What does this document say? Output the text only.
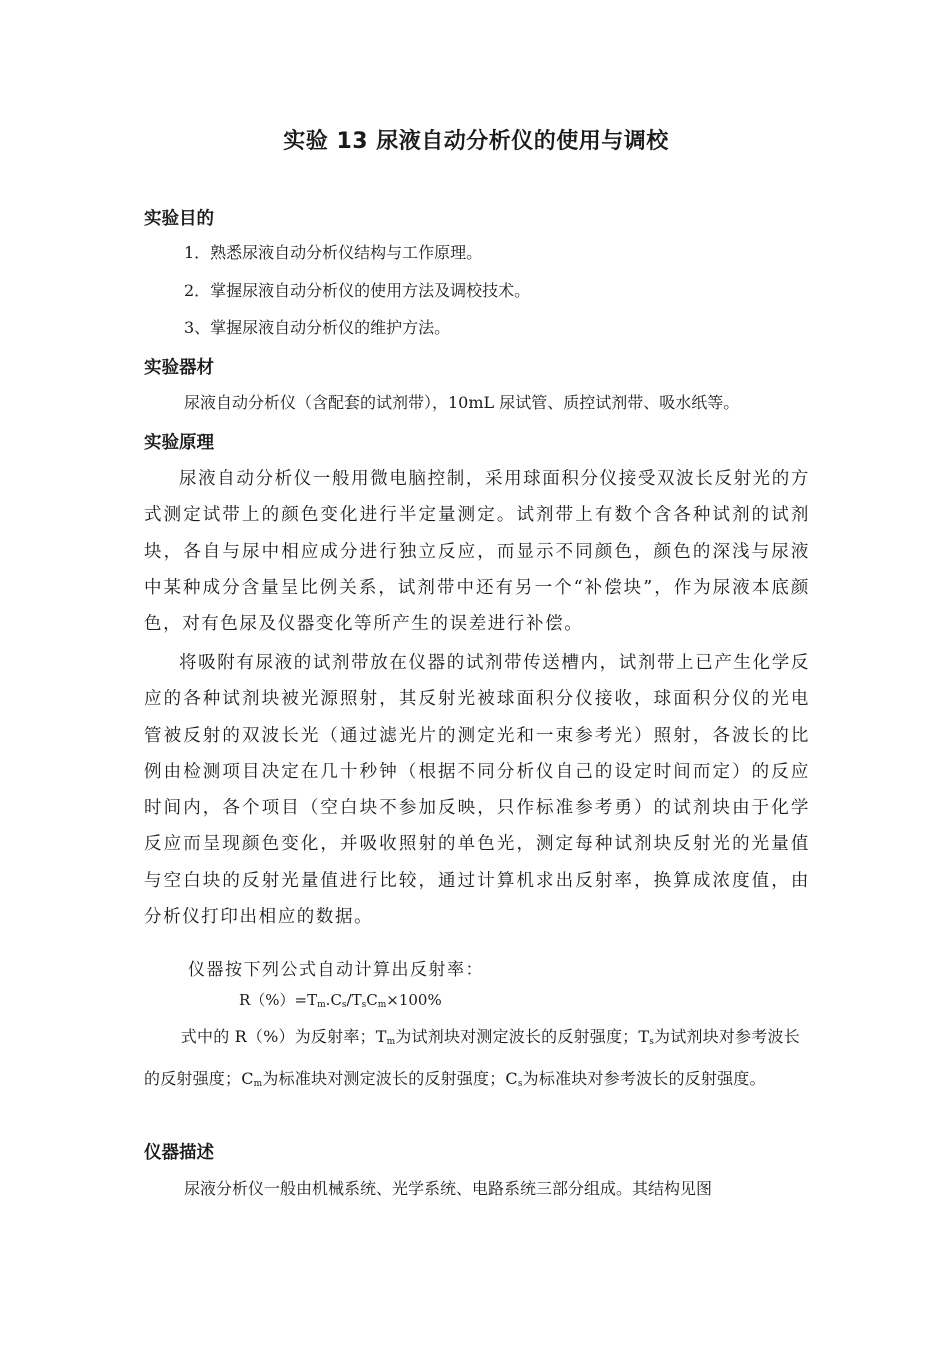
实验 13 尿液自动分析仪的使用与调校
实验目的
1．熟悉尿液自动分析仪结构与工作原理。
2．掌握尿液自动分析仪的使用方法及调校技术。
3、掌握尿液自动分析仪的维护方法。
实验器材
尿液自动分析仪（含配套的试剂带），10mL 尿试管、质控试剂带、吸水纸等。
实验原理
尿液自动分析仪一般用微电脑控制，采用球面积分仪接受双波长反射光的方式测定试带上的颜色变化进行半定量测定。试剂带上有数个含各种试剂的试剂块，各自与尿中相应成分进行独立反应，而显示不同颜色，颜色的深浅与尿液中某种成分含量呈比例关系，试剂带中还有另一个“补偿块”，作为尿液本底颜色，对有色尿及仪器变化等所产生的误差进行补偿。
将吸附有尿液的试剂带放在仪器的试剂带传送槽内，试剂带上已产生化学反应的各种试剂块被光源照射，其反射光被球面积分仪接收，球面积分仪的光电管被反射的双波长光（通过滤光片的测定光和一束参考光）照射，各波长的比例由检测项目决定在几十秒钟（根据不同分析仪自己的设定时间而定）的反应时间内，各个项目（空白块不参加反映，只作标准参考勇）的试剂块由于化学反应而呈现颜色变化，并吸收照射的单色光，测定每种试剂块反射光的光量值与空白块的反射光量值进行比较，通过计算机求出反射率，换算成浓度值，由分析仪打印出相应的数据。
仪器按下列公式自动计算出反射率：
$R(\%)=T_m.C_s/T_sC_m\times 100\%$
式中的 R（%）为反射率；$T_m$为试剂块对测定波长的反射强度；$T_s$为试剂块对参考波长的反射强度；$C_m$为标准块对测定波长的反射强度；$C_s$为标准块对参考波长的反射强度。
仪器描述
尿液分析仪一般由机械系统、光学系统、电路系统三部分组成。其结构见图
